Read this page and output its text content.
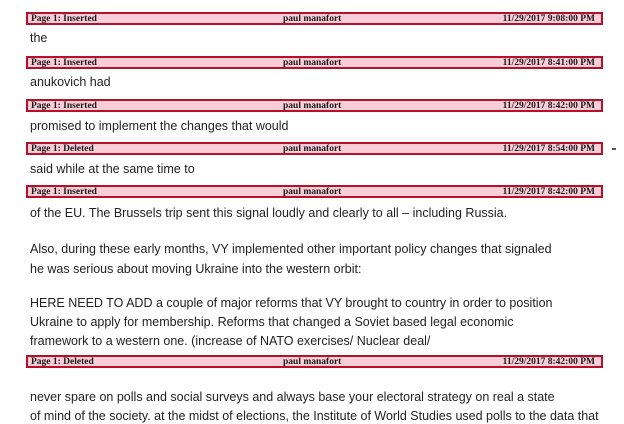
Page 1: Inserted	paul manafort	11/29/2017 9:08:00 PM
the
Page 1: Inserted	paul manafort	11/29/2017 8:41:00 PM
anukovich had
Page 1: Inserted	paul manafort	11/29/2017 8:42:00 PM
promised to implement the changes that would
Page 1: Deleted	paul manafort	11/29/2017 8:54:00 PM
said while at the same time to
Page 1: Inserted	paul manafort	11/29/2017 8:42:00 PM
of the EU. The Brussels trip sent this signal loudly and clearly to all – including Russia.
Also, during these early months, VY implemented other important policy changes that signaled
he was serious about moving Ukraine into the western orbit:
HERE NEED TO ADD a couple of major reforms that VY brought to country in order to position
Ukraine to apply for membership. Reforms that changed a Soviet based legal economic
framework to a western one. (increase of NATO exercises/ Nuclear deal/
Page 1: Deleted	paul manafort	11/29/2017 8:42:00 PM
never spare on polls and social surveys and always base your electoral strategy on real a state
of mind of the society. at the midst of elections, the Institute of World Studies used polls to the data that
